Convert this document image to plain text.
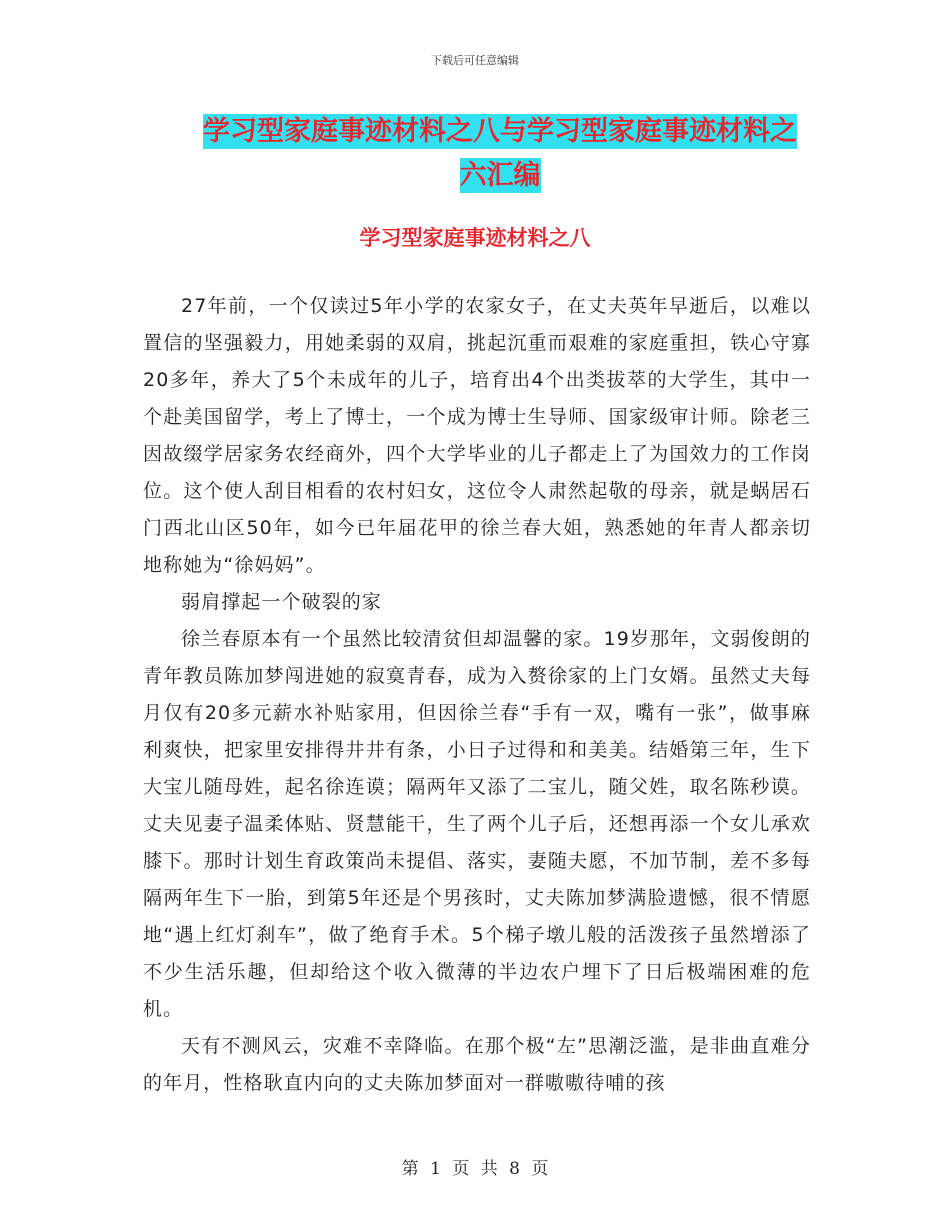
下载后可任意编辑
学习型家庭事迹材料之八与学习型家庭事迹材料之六汇编
学习型家庭事迹材料之八

27年前，一个仅读过5年小学的农家女子，在丈夫英年早逝后，以难以置信的坚强毅力，用她柔弱的双肩，挑起沉重而艰难的家庭重担，铁心守寡20多年，养大了5个未成年的儿子，培育出4个出类拔萃的大学生，其中一个赴美国留学，考上了博士，一个成为博士生导师、国家级审计师。除老三因故缀学居家务农经商外，四个大学毕业的儿子都走上了为国效力的工作岗位。这个使人刮目相看的农村妇女，这位令人肃然起敬的母亲，就是蜗居石门西北山区50年，如今已年届花甲的徐兰春大姐，熟悉她的年青人都亲切地称她为“徐妈妈”。

弱肩撑起一个破裂的家

徐兰春原本有一个虽然比较清贫但却温馨的家。19岁那年，文弱俊朗的青年教员陈加梦闯进她的寂寞青春，成为入赘徐家的上门女婿。虽然丈夫每月仅有20多元薪水补贴家用，但因徐兰春“手有一双，嘴有一张”，做事麻利爽快，把家里安排得井井有条，小日子过得和和美美。结婚第三年，生下大宝儿随母姓，起名徐连谟；隔两年又添了二宝儿，随父姓，取名陈秒谟。丈夫见妻子温柔体贴、贤慧能干，生了两个儿子后，还想再添一个女儿承欢膝下。那时计划生育政策尚未提倡、落实，妻随夫愿，不加节制，差不多每隔两年生下一胎，到第5年还是个男孩时，丈夫陈加梦满脸遗憾，很不情愿地“遇上红灯刹车”，做了绝育手术。5个梯子墩儿般的活泼孩子虽然增添了不少生活乐趣，但却给这个收入微薄的半边农户埋下了日后极端困难的危机。

天有不测风云，灾难不幸降临。在那个极“左”思潮泛滥，是非曲直难分的年月，性格耿直内向的丈夫陈加梦面对一群嗷嗷待哺的孩

第 1 页 共 8 页
